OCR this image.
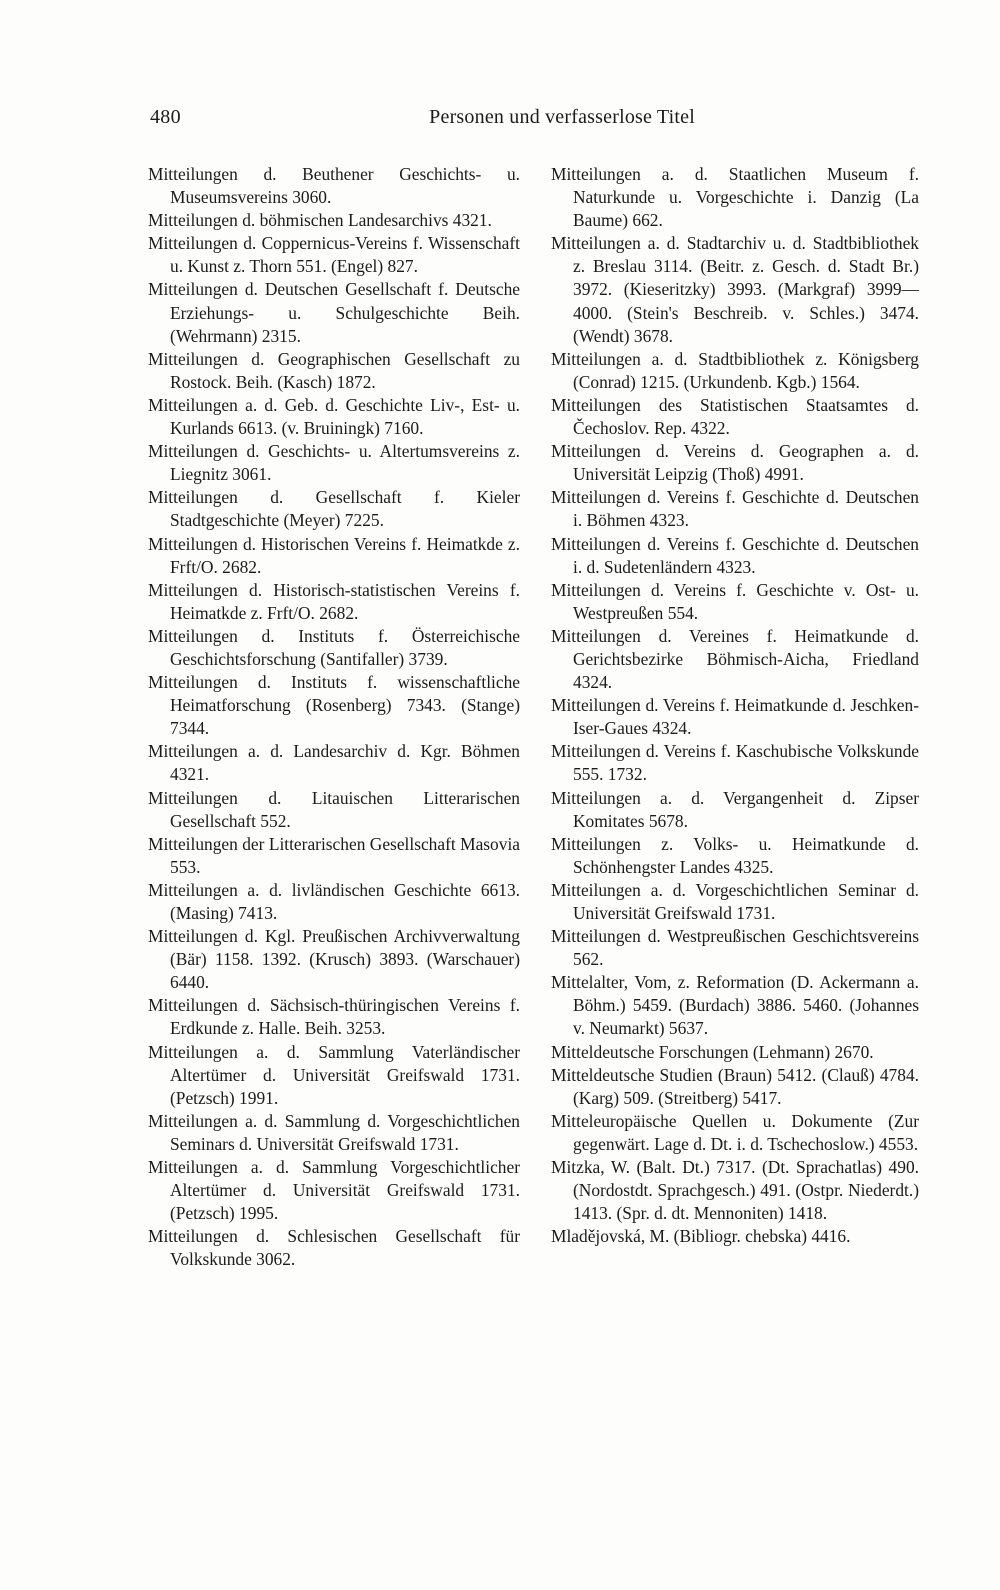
480	Personen und verfasserlose Titel

Mitteilungen d. Beuthener Geschichts- u. Museumsvereins 3060.

Mitteilungen d. böhmischen Landesarchivs 4321.

Mitteilungen d. Coppernicus-Vereins f. Wissenschaft u. Kunst z. Thorn 551. (Engel) 827.

Mitteilungen d. Deutschen Gesellschaft f. Deutsche Erziehungs- u. Schulgeschichte Beih. (Wehrmann) 2315.

Mitteilungen d. Geographischen Gesellschaft zu Rostock. Beih. (Kasch) 1872.

Mitteilungen a. d. Geb. d. Geschichte Liv-, Est- u. Kurlands 6613. (v. Bruiningk) 7160.

Mitteilungen d. Geschichts- u. Altertumsvereins z. Liegnitz 3061.

Mitteilungen d. Gesellschaft f. Kieler Stadtgeschichte (Meyer) 7225.

Mitteilungen d. Historischen Vereins f. Heimatkde z. Frft/O. 2682.

Mitteilungen d. Historisch-statistischen Vereins f. Heimatkde z. Frft/O. 2682.

Mitteilungen d. Instituts f. Österreichische Geschichtsforschung (Santifaller) 3739.

Mitteilungen d. Instituts f. wissenschaftliche Heimatforschung (Rosenberg) 7343. (Stange) 7344.

Mitteilungen a. d. Landesarchiv d. Kgr. Böhmen 4321.

Mitteilungen d. Litauischen Litterarischen Gesellschaft 552.

Mitteilungen der Litterarischen Gesellschaft Masovia 553.

Mitteilungen a. d. livländischen Geschichte 6613. (Masing) 7413.

Mitteilungen d. Kgl. Preußischen Archivverwaltung (Bär) 1158. 1392. (Krusch) 3893. (Warschauer) 6440.

Mitteilungen d. Sächsisch-thüringischen Vereins f. Erdkunde z. Halle. Beih. 3253.

Mitteilungen a. d. Sammlung Vaterländischer Altertümer d. Universität Greifswald 1731. (Petzsch) 1991.

Mitteilungen a. d. Sammlung d. Vorgeschichtlichen Seminars d. Universität Greifswald 1731.

Mitteilungen a. d. Sammlung Vorgeschichtlicher Altertümer d. Universität Greifswald 1731. (Petzsch) 1995.

Mitteilungen d. Schlesischen Gesellschaft für Volkskunde 3062.

Mitteilungen a. d. Staatlichen Museum f. Naturkunde u. Vorgeschichte i. Danzig (La Baume) 662.

Mitteilungen a. d. Stadtarchiv u. d. Stadtbibliothek z. Breslau 3114. (Beitr. z. Gesch. d. Stadt Br.) 3972. (Kieseritzky) 3993. (Markgraf) 3999—4000. (Stein's Beschreib. v. Schles.) 3474. (Wendt) 3678.

Mitteilungen a. d. Stadtbibliothek z. Königsberg (Conrad) 1215. (Urkundenb. Kgb.) 1564.

Mitteilungen des Statistischen Staatsamtes d. Čechoslov. Rep. 4322.

Mitteilungen d. Vereins d. Geographen a. d. Universität Leipzig (Thoß) 4991.

Mitteilungen d. Vereins f. Geschichte d. Deutschen i. Böhmen 4323.

Mitteilungen d. Vereins f. Geschichte d. Deutschen i. d. Sudetenländern 4323.

Mitteilungen d. Vereins f. Geschichte v. Ost- u. Westpreußen 554.

Mitteilungen d. Vereines f. Heimatkunde d. Gerichtsbezirke Böhmisch-Aicha, Friedland 4324.

Mitteilungen d. Vereins f. Heimatkunde d. Jeschken-Iser-Gaues 4324.

Mitteilungen d. Vereins f. Kaschubische Volkskunde 555. 1732.

Mitteilungen a. d. Vergangenheit d. Zipser Komitates 5678.

Mitteilungen z. Volks- u. Heimatkunde d. Schönhengster Landes 4325.

Mitteilungen a. d. Vorgeschichtlichen Seminar d. Universität Greifswald 1731.

Mitteilungen d. Westpreußischen Geschichtsvereins 562.

Mittelalter, Vom, z. Reformation (D. Ackermann a. Böhm.) 5459. (Burdach) 3886. 5460. (Johannes v. Neumarkt) 5637.

Mitteldeutsche Forschungen (Lehmann) 2670.

Mitteldeutsche Studien (Braun) 5412. (Clauß) 4784. (Karg) 509. (Streitberg) 5417.

Mitteleuropäische Quellen u. Dokumente (Zur gegenwärt. Lage d. Dt. i. d. Tschechoslow.) 4553.

Mitzka, W. (Balt. Dt.) 7317. (Dt. Sprachatlas) 490. (Nordostdt. Sprachgesch.) 491. (Ostpr. Niederdt.) 1413. (Spr. d. dt. Mennoniten) 1418.

Mladějovská, M. (Bibliogr. chebska) 4416.
